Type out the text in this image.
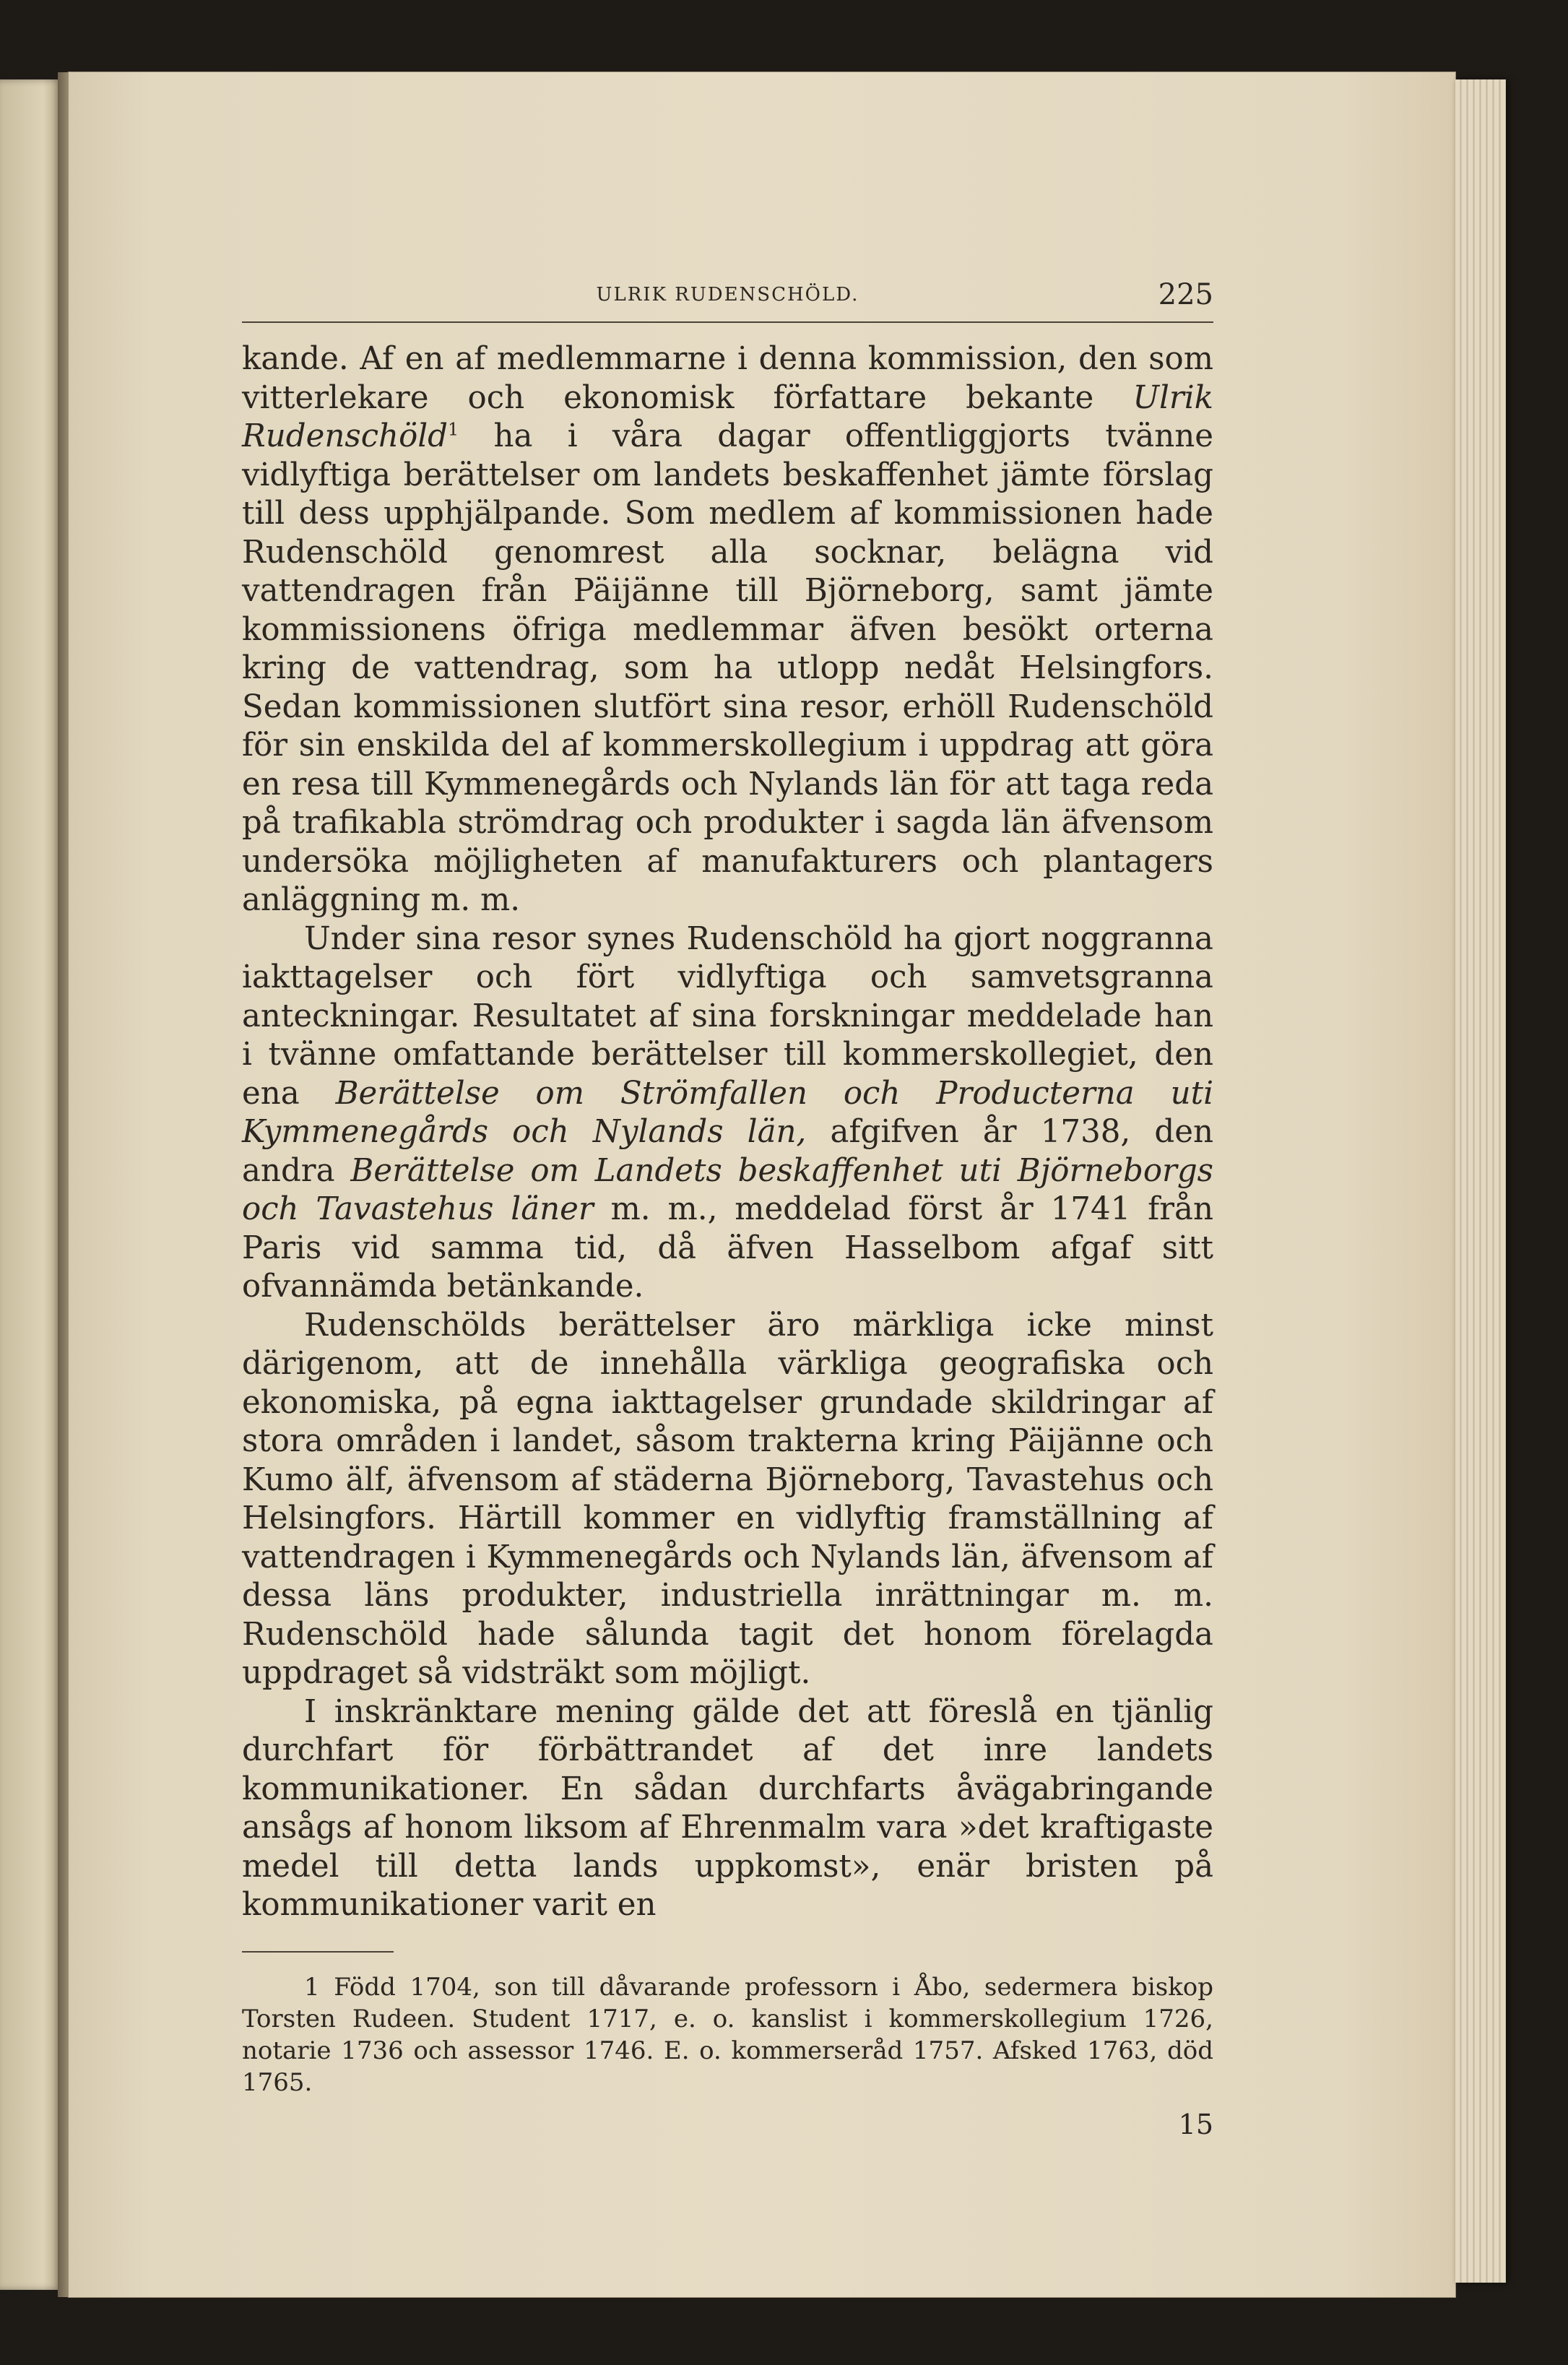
ULRIK RUDENSCHÖLD.	225

kande. Af en af medlemmarne i denna kommission, den som vitterlekare och ekonomisk författare bekante Ulrik Rudenschöld$^1$ ha i våra dagar offentliggjorts tvänne vidlyftiga berättelser om landets beskaffenhet jämte förslag till dess upphjälpande. Som medlem af kommissionen hade Rudenschöld genomrest alla socknar, belägna vid vattendragen från Päijänne till Björneborg, samt jämte kommissionens öfriga medlemmar äfven besökt orterna kring de vattendrag, som ha utlopp nedåt Helsingfors. Sedan kommissionen slutfört sina resor, erhöll Rudenschöld för sin enskilda del af kommerskollegium i uppdrag att göra en resa till Kymmenegårds och Nylands län för att taga reda på trafikabla strömdrag och produkter i sagda län äfvensom undersöka möjligheten af manufakturers och plantagers anläggning m. m.

Under sina resor synes Rudenschöld ha gjort noggranna iakttagelser och fört vidlyftiga och samvetsgranna anteckningar. Resultatet af sina forskningar meddelade han i tvänne omfattande berättelser till kommerskollegiet, den ena Berättelse om Strömfallen och Producterna uti Kymmenegårds och Nylands län, afgifven år 1738, den andra Berättelse om Landets beskaffenhet uti Björneborgs och Tavastehus läner m. m., meddelad först år 1741 från Paris vid samma tid, då äfven Hasselbom afgaf sitt ofvannämda betänkande.

Rudenschölds berättelser äro märkliga icke minst därigenom, att de innehålla värkliga geografiska och ekonomiska, på egna iakttagelser grundade skildringar af stora områden i landet, såsom trakterna kring Päijänne och Kumo älf, äfvensom af städerna Björneborg, Tavastehus och Helsingfors. Härtill kommer en vidlyftig framställning af vattendragen i Kymmenegårds och Nylands län, äfvensom af dessa läns produkter, industriella inrättningar m. m. Rudenschöld hade sålunda tagit det honom förelagda uppdraget så vidsträkt som möjligt.

I inskränktare mening gälde det att föreslå en tjänlig durchfart för förbättrandet af det inre landets kommunikationer. En sådan durchfarts åvägabringande ansågs af honom liksom af Ehrenmalm vara »det kraftigaste medel till detta lands uppkomst», enär bristen på kommunikationer varit en

1 Född 1704, son till dåvarande professorn i Åbo, sedermera biskop Torsten Rudeen. Student 1717, e. o. kanslist i kommerskollegium 1726, notarie 1736 och assessor 1746. E. o. kommerseråd 1757. Afsked 1763, död 1765.

15
